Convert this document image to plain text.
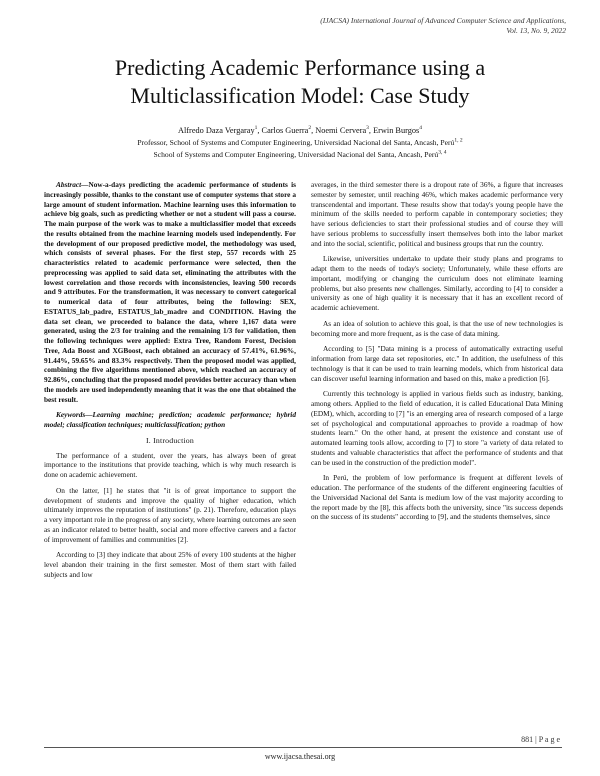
(IJACSA) International Journal of Advanced Computer Science and Applications,
Vol. 13, No. 9, 2022
Predicting Academic Performance using a
Multiclassification Model: Case Study
Alfredo Daza Vergaray$^1$, Carlos Guerra$^2$, Noemi Cervera$^3$, Erwin Burgos$^4$
Professor, School of Systems and Computer Engineering, Universidad Nacional del Santa, Ancash, Perú$^{1, 2}$
School of Systems and Computer Engineering, Universidad Nacional del Santa, Ancash, Perú$^{3, 4}$

Abstract—Now-a-days predicting the academic performance of students is increasingly possible, thanks to the constant use of computer systems that store a large amount of student information. Machine learning uses this information to achieve big goals, such as predicting whether or not a student will pass a course. The main purpose of the work was to make a multiclassifier model that exceeds the results obtained from the machine learning models used independently. For the development of our proposed predictive model, the methodology was used, which consists of several phases. For the first step, 557 records with 25 characteristics related to academic performance were selected, then the preprocessing was applied to said data set, eliminating the attributes with the lowest correlation and those records with inconsistencies, leaving 500 records and 9 attributes. For the transformation, it was necessary to convert categorical to numerical data of four attributes, being the following: SEX, ESTATUS_lab_padre, ESTATUS_lab_madre and CONDITION. Having the data set clean, we proceeded to balance the data, where 1,167 data were generated, using the 2/3 for training and the remaining 1/3 for validation, then the following techniques were applied: Extra Tree, Random Forest, Decision Tree, Ada Boost and XGBoost, each obtained an accuracy of 57.41%, 61.96%, 91.44%, 59.65% and 83.3% respectively. Then the proposed model was applied, combining the five algorithms mentioned above, which reached an accuracy of 92.86%, concluding that the proposed model provides better accuracy than when the models are used independently meaning that it was the one that obtained the best result.

Keywords—Learning machine; prediction; academic performance; hybrid model; classification techniques; multiclassification; python

I. Introduction

The performance of a student, over the years, has always been of great importance to the institutions that provide teaching, which is why much research is done on academic achievement.

On the latter, [1] he states that "it is of great importance to support the development of students and improve the quality of higher education, which ultimately improves the reputation of institutions" (p. 21). Therefore, education plays a very important role in the progress of any society, where learning outcomes are seen as an indicator related to better health, social and more effective careers and a factor of improvement of families and communities [2].

According to [3] they indicate that about 25% of every 100 students at the higher level abandon their training in the first semester. Most of them start with failed subjects and low

averages, in the third semester there is a dropout rate of 36%, a figure that increases semester by semester, until reaching 46%, which makes academic performance very transcendental and important. These results show that today's young people have the minimum of the skills needed to perform capable in contemporary societies; they have serious deficiencies to start their professional studies and of course they will have serious problems to successfully insert themselves both into the labor market and into the social, scientific, political and business groups that run the country.

Likewise, universities undertake to update their study plans and programs to adapt them to the needs of today's society; Unfortunately, while these efforts are important, modifying or changing the curriculum does not eliminate learning problems, but also presents new challenges. Similarly, according to [4] to consider a university as one of high quality it is necessary that it has an excellent record of academic achievement.

As an idea of solution to achieve this goal, is that the use of new technologies is becoming more and more frequent, as is the case of data mining.

According to [5] "Data mining is a process of automatically extracting useful information from large data set repositories, etc." In addition, the usefulness of this technology is that it can be used to train learning models, which from historical data can discover useful learning information and based on this, make a prediction [6].

Currently this technology is applied in various fields such as industry, banking, among others. Applied to the field of education, it is called Educational Data Mining (EDM), which, according to [7] "is an emerging area of research composed of a large set of psychological and computational approaches to provide a roadmap of how students learn." On the other hand, at present the existence and constant use of automated learning tools allow, according to [7] to store "a variety of data related to students and valuable characteristics that affect the performance of students and that can be used in the construction of the prediction model".

In Perú, the problem of low performance is frequent at different levels of education. The performance of the students of the different engineering faculties of the Universidad Nacional del Santa is medium low of the vast majority according to the report made by the [8], this affects both the university, since "its success depends on the success of its students" according to [9], and the students themselves, since

881 | P a g e
www.ijacsa.thesai.org
